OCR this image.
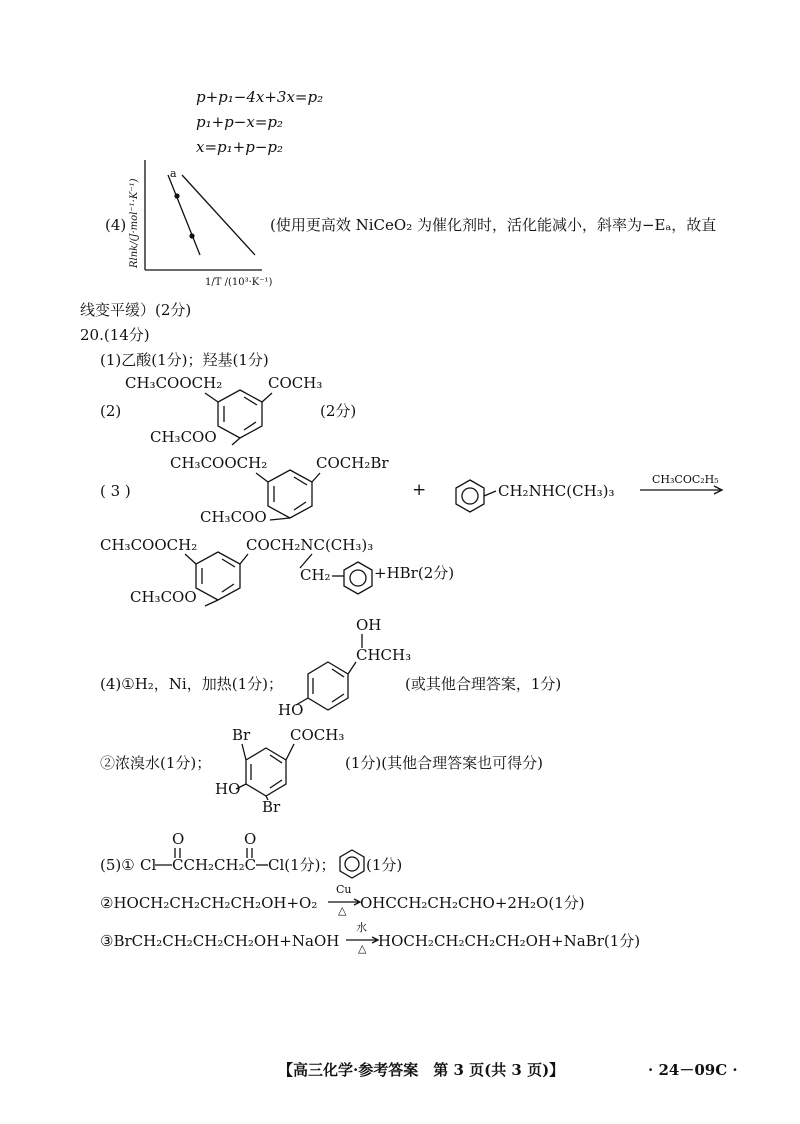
p+p₁−4x+3x=p₂
p₁+p−x=p₂
x=p₁+p−p₂
(4)
a
Rlnk/(J·mol⁻¹·K⁻¹)
1/T /(10³·K⁻¹)
(使用更高效 NiCeO₂ 为催化剂时，活化能减小，斜率为−Eₐ，故直
线变平缓）(2分)
20.(14分)
(1)乙酸(1分)；羟基(1分)
CH₃COOCH₂	COCH₃
(2)
CH₃COO
(2分)
CH₃COOCH₂	COCH₂Br
( 3 )
CH₃COO
+	CH₂NHC(CH₃)₃
CH₃COC₂H₅
CH₃COOCH₂	COCH₂NC(CH₃)₃
CH₂
CH₃COO
+HBr(2分)
OH
CHCH₃
(4)①H₂，Ni，加热(1分)；	(或其他合理答案，1分)
HO
Br	COCH₃
②浓溴水(1分)；	(1分)(其他合理答案也可得分)
HO
Br
O	O
(5)① Cl CCH₂CH₂C Cl(1分)； (1分)
②HOCH₂CH₂CH₂CH₂OH+O₂
Cu
△ OHCCH₂CH₂CHO+2H₂O(1分)
③BrCH₂CH₂CH₂CH₂OH+NaOH
水
△ HOCH₂CH₂CH₂CH₂OH+NaBr(1分)
【高三化学·参考答案　第 3 页(共 3 页)】	· 24－09C ·
